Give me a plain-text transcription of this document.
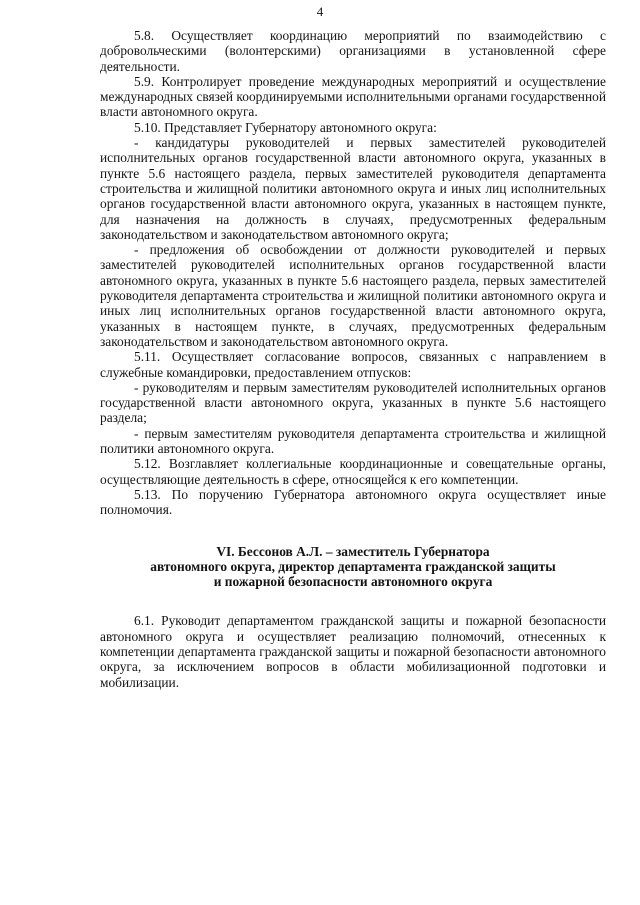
4

5.8. Осуществляет координацию мероприятий по взаимодействию с добровольческими (волонтерскими) организациями в установленной сфере деятельности.

5.9. Контролирует проведение международных мероприятий и осуществление международных связей координируемыми исполнительными органами государственной власти автономного округа.

5.10. Представляет Губернатору автономного округа:

- кандидатуры руководителей и первых заместителей руководителей исполнительных органов государственной власти автономного округа, указанных в пункте 5.6 настоящего раздела, первых заместителей руководителя департамента строительства и жилищной политики автономного округа и иных лиц исполнительных органов государственной власти автономного округа, указанных в настоящем пункте, для назначения на должность в случаях, предусмотренных федеральным законодательством и законодательством автономного округа;

- предложения об освобождении от должности руководителей и первых заместителей руководителей исполнительных органов государственной власти автономного округа, указанных в пункте 5.6 настоящего раздела, первых заместителей руководителя департамента строительства и жилищной политики автономного округа и иных лиц исполнительных органов государственной власти автономного округа, указанных в настоящем пункте, в случаях, предусмотренных федеральным законодательством и законодательством автономного округа.

5.11. Осуществляет согласование вопросов, связанных с направлением в служебные командировки, предоставлением отпусков:

- руководителям и первым заместителям руководителей исполнительных органов государственной власти автономного округа, указанных в пункте 5.6 настоящего раздела;

- первым заместителям руководителя департамента строительства и жилищной политики автономного округа.

5.12. Возглавляет коллегиальные координационные и совещательные органы, осуществляющие деятельность в сфере, относящейся к его компетенции.

5.13. По поручению Губернатора автономного округа осуществляет иные полномочия.

VI. Бессонов А.Л. – заместитель Губернатора
автономного округа, директор департамента гражданской защиты
и пожарной безопасности автономного округа

6.1. Руководит департаментом гражданской защиты и пожарной безопасности автономного округа и осуществляет реализацию полномочий, отнесенных к компетенции департамента гражданской защиты и пожарной безопасности автономного округа, за исключением вопросов в области мобилизационной подготовки и мобилизации.
